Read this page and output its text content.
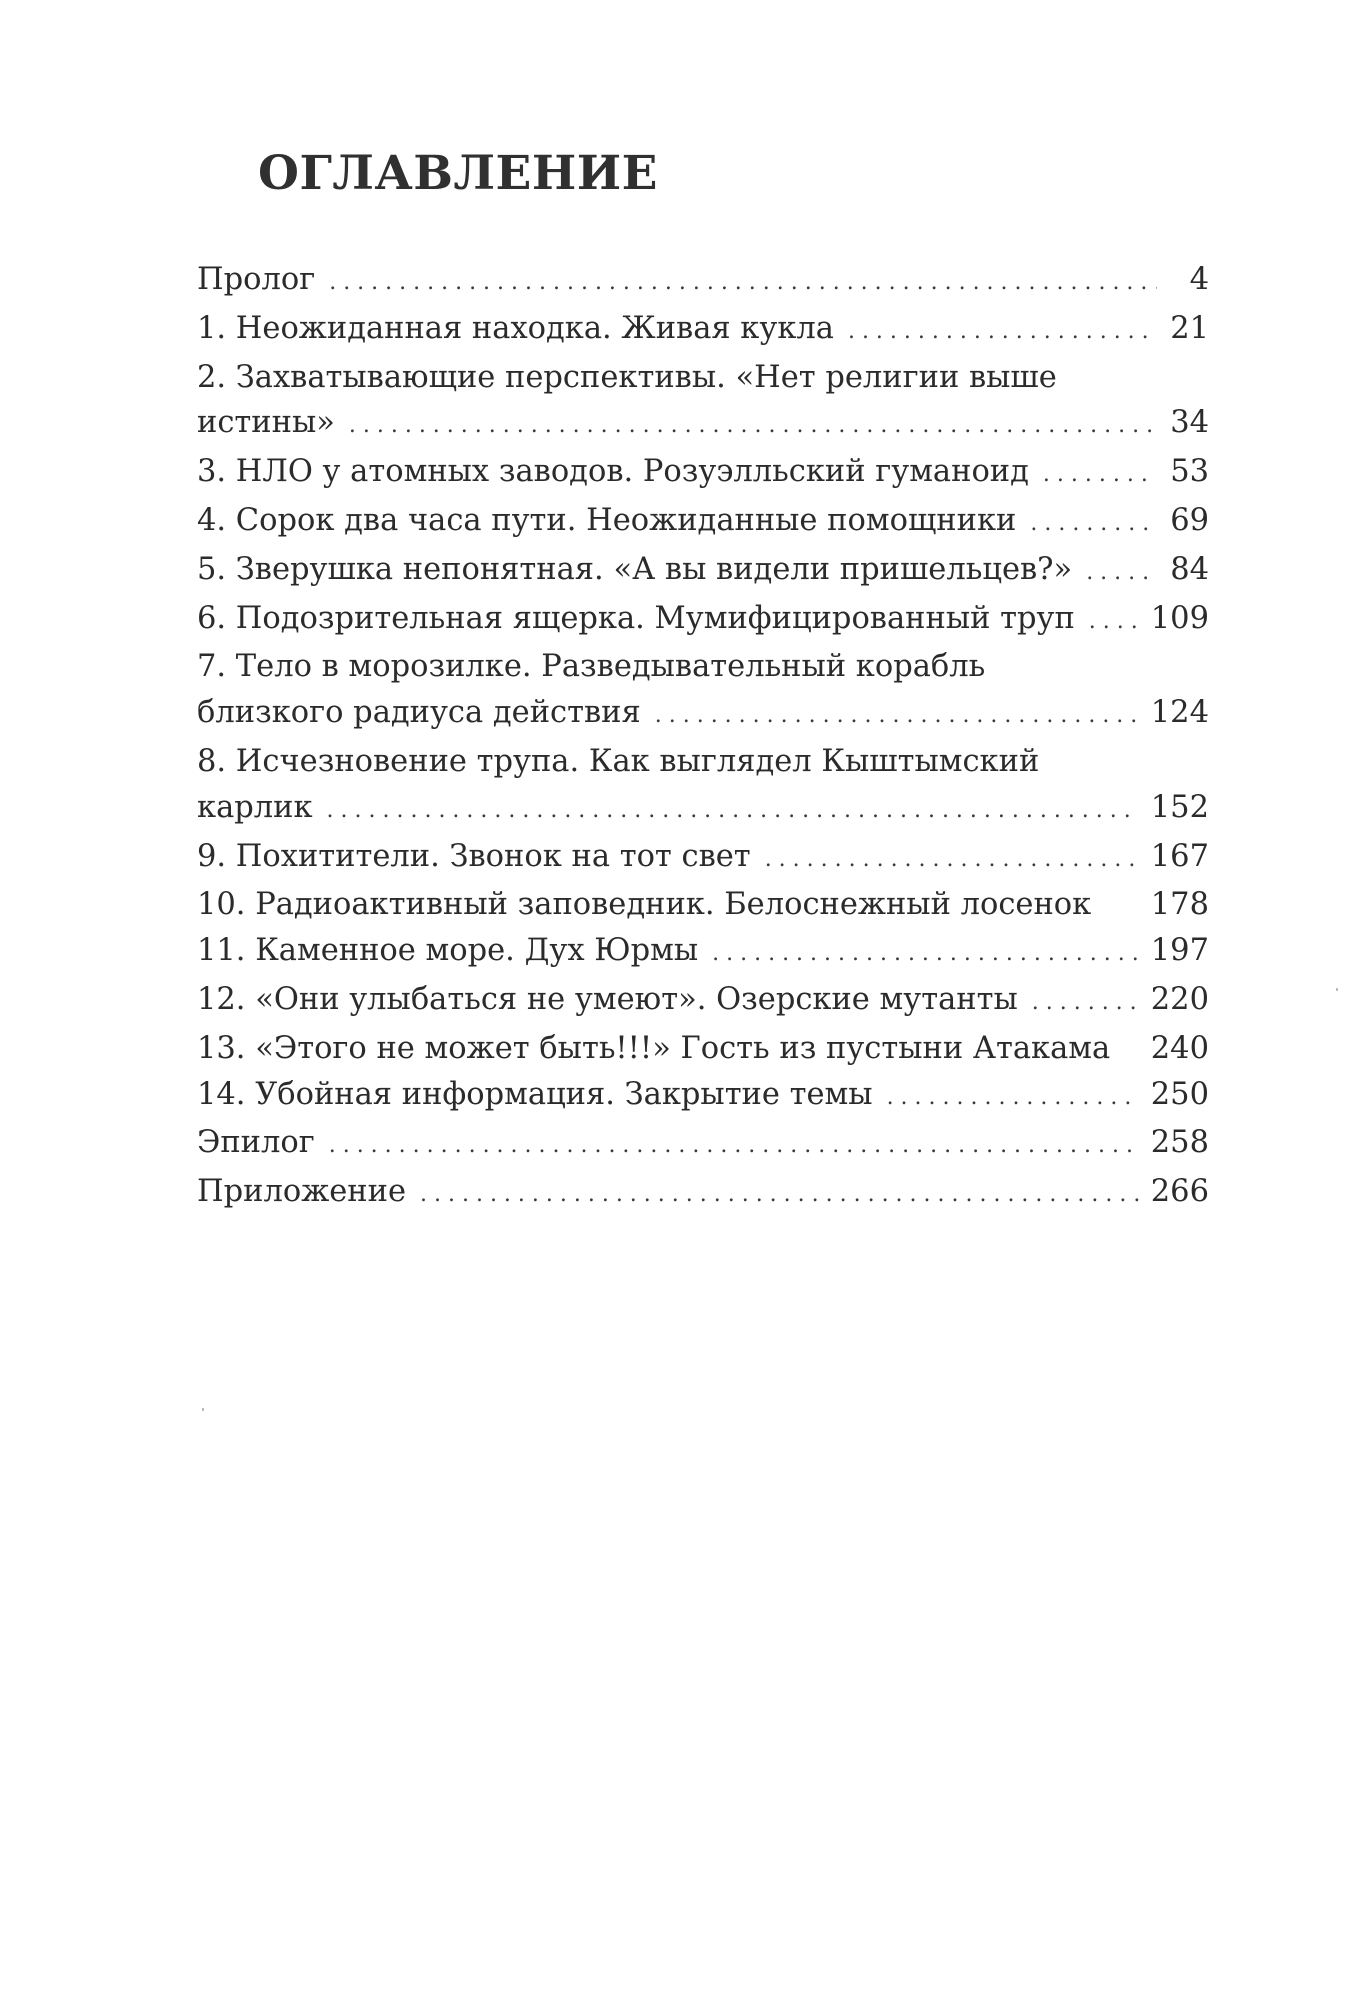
ОГЛАВЛЕНИЕ
Пролог . . .	4
1. Неожиданная находка. Живая кукла . . .	21
2. Захватывающие перспективы. «Нет религии выше
истины» . . .	34
3. НЛО у атомных заводов. Розуэлльский гуманоид . . .	53
4. Сорок два часа пути. Неожиданные помощники . . .	69
5. Зверушка непонятная. «А вы видели пришельцев?» . . .	84
6. Подозрительная ящерка. Мумифицированный труп . . . 109
7. Тело в морозилке. Разведывательный корабль
близкого радиуса действия . . .	124
8. Исчезновение трупа. Как выглядел Кыштымский
карлик . . .	152
9. Похитители. Звонок на тот свет . . .	167
10. Радиоактивный заповедник. Белоснежный лосенок 178
11. Каменное море. Дух Юрмы . . .	197
12. «Они улыбаться не умеют». Озерские мутанты . . .	220
13. «Этого не может быть!!!» Гость из пустыни Атакама 240
14. Убойная информация. Закрытие темы . . .	250
Эпилог . . .	258
Приложение . . .	266
